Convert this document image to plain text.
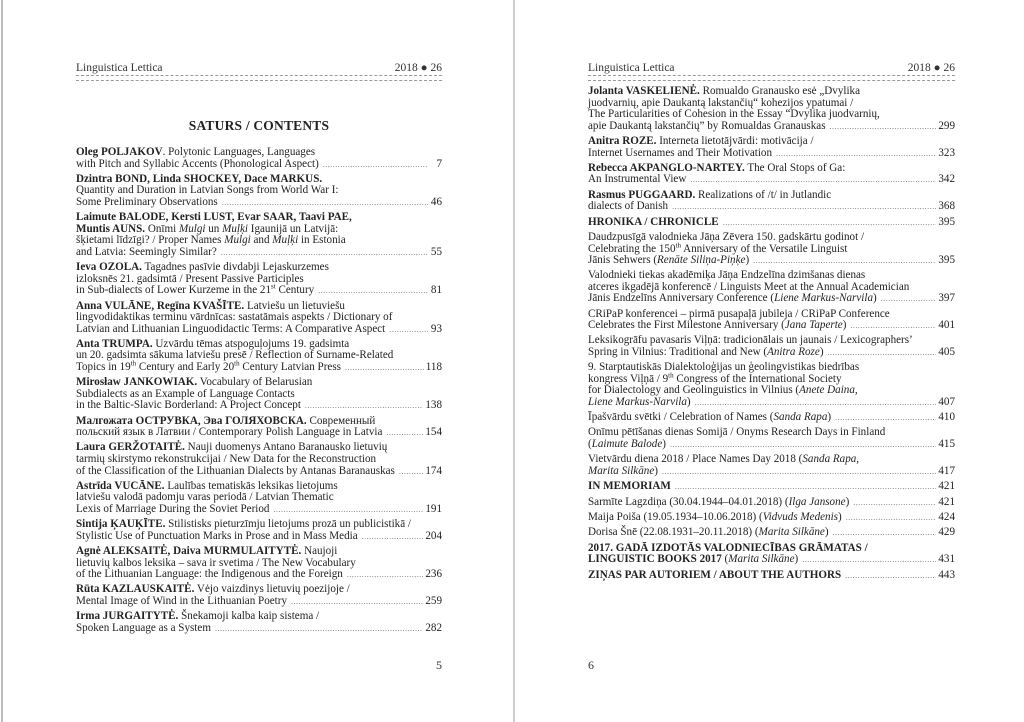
Linguistica Lettica	2018 ● 26
SATURS / CONTENTS
Oleg POLJAKOV. Polytonic Languages, Languages
with Pitch and Syllabic Accents (Phonological Aspect) .....	7
Dzintra BOND, Linda SHOCKEY, Dace MARKUS.
Quantity and Duration in Latvian Songs from World War I:
Some Preliminary Observations .....	46
Laimute BALODE, Kersti LUST, Evar SAAR, Taavi PAE,
Muntis AUNS. Onīmi Mulgi un Muļķi Igaunijā un Latvijā:
šķietami līdzīgi? / Proper Names Mulgi and Muļķi in Estonia
and Latvia: Seemingly Similar? .....	55
Ieva OZOLA. Tagadnes pasīvie divdabji Lejaskurzemes
izloksnēs 21. gadsimtā / Present Passive Participles
in Sub-dialects of Lower Kurzeme in the 21st Century .....	81
Anna VULĀNE, Regīna KVAŠĪTE. Latviešu un lietuviešu
lingvodidaktikas terminu vārdnīcas: sastatāmais aspekts / Dictionary of
Latvian and Lithuanian Linguodidactic Terms: A Comparative Aspect .....	93
Anta TRUMPA. Uzvārdu tēmas atspoguļojums 19. gadsimta
un 20. gadsimta sākuma latviešu presē / Reflection of Surname-Related
Topics in 19th Century and Early 20th Century Latvian Press .....	118
Mirosław JANKOWIAK. Vocabulary of Belarusian
Subdialects as an Example of Language Contacts
in the Baltic-Slavic Borderland: A Project Concept .....	138
Малгожата ОСТРУВКА, Эва ГОЛЯХОВСКА. Современный
польский язык в Латвии / Contemporary Polish Language in Latvia .....	154
Laura GERŽOTAITĖ. Nauji duomenys Antano Baranausko lietuvių
tarmių skirstymo rekonstrukcijai / New Data for the Reconstruction
of the Classification of the Lithuanian Dialects by Antanas Baranauskas .....	174
Astrīda VUCĀNE. Laulības tematiskās leksikas lietojums
latviešu valodā padomju varas periodā / Latvian Thematic
Lexis of Marriage During the Soviet Period .....	191
Sintija ĶAUĶĪTE. Stilistisks pieturzīmju lietojums prozā un publicistikā /
Stylistic Use of Punctuation Marks in Prose and in Mass Media .....	204
Agnė ALEKSAITĖ, Daiva MURMULAITYTĖ. Naujoji
lietuvių kalbos leksika – sava ir svetima / The New Vocabulary
of the Lithuanian Language: the Indigenous and the Foreign .....	236
Rūta KAZLAUSKAITĖ. Vėjo vaizdinys lietuvių poezijoje /
Mental Image of Wind in the Lithuanian Poetry .....	259
Irma JURGAITYTĖ. Šnekamoji kalba kaip sistema /
Spoken Language as a System .....	282
5
Linguistica Lettica	2018 ● 26
Jolanta VASKELIENĖ. Romualdo Granausko esė „Dvylika
juodvarnių, apie Daukantą lakstančių“ kohezijos ypatumai /
The Particularities of Cohesion in the Essay “Dvylika juodvarnių,
apie Daukantą lakstančių” by Romualdas Granauskas .....	299
Anitra ROZE. Interneta lietotājvārdi: motivācija /
Internet Usernames and Their Motivation .....	323
Rebecca AKPANGLO-NARTEY. The Oral Stops of Ga:
An Instrumental View .....	342
Rasmus PUGGAARD. Realizations of /t/ in Jutlandic
dialects of Danish .....	368
HRONIKA / CHRONICLE .....	395
Daudzpusīgā valodnieka Jāņa Zēvera 150. gadskārtu godinot /
Celebrating the 150th Anniversary of the Versatile Linguist
Jānis Sehwers (Renāte Siliņa-Piņķe) .....	395
Valodnieki tiekas akadēmiķa Jāņa Endzelīna dzimšanas dienas
atceres ikgadējā konferencē / Linguists Meet at the Annual Academician
Jānis Endzelīns Anniversary Conference (Liene Markus-Narvila) .....	397
CRiPaP konferencei – pirmā pusapaļā jubileja / CRiPaP Conference
Celebrates the First Milestone Anniversary (Jana Taperte) .....	401
Leksikogrāfu pavasaris Viļņā: tradicionālais un jaunais / Lexicographers’
Spring in Vilnius: Traditional and New (Anitra Roze) .....	405
9. Starptautiskās Dialektoloģijas un ģeolingvistikas biedrības
kongress Viļņā / 9th Congress of the International Society
for Dialectology and Geolinguistics in Vilnius (Anete Daina,
Liene Markus-Narvila) .....	407
Īpašvārdu svētki / Celebration of Names (Sanda Rapa) .....	410
Onīmu pētīšanas dienas Somijā / Onyms Research Days in Finland
(Laimute Balode) .....	415
Vietvārdu diena 2018 / Place Names Day 2018 (Sanda Rapa,
Marita Silkāne) .....	417
IN MEMORIAM .....	421
Sarmīte Lagzdiņa (30.04.1944–04.01.2018) (Ilga Jansone) .....	421
Maija Poiša (19.05.1934–10.06.2018) (Vidvuds Medenis) .....	424
Dorisa Šnē (22.08.1931–20.11.2018) (Marita Silkāne) .....	429
2017. GADĀ IZDOTĀS VALODNIECĪBAS GRĀMATAS /
LINGUISTIC BOOKS 2017 (Marita Silkāne) .....	431
ZIŅAS PAR AUTORIEM / ABOUT THE AUTHORS .....	443
6
